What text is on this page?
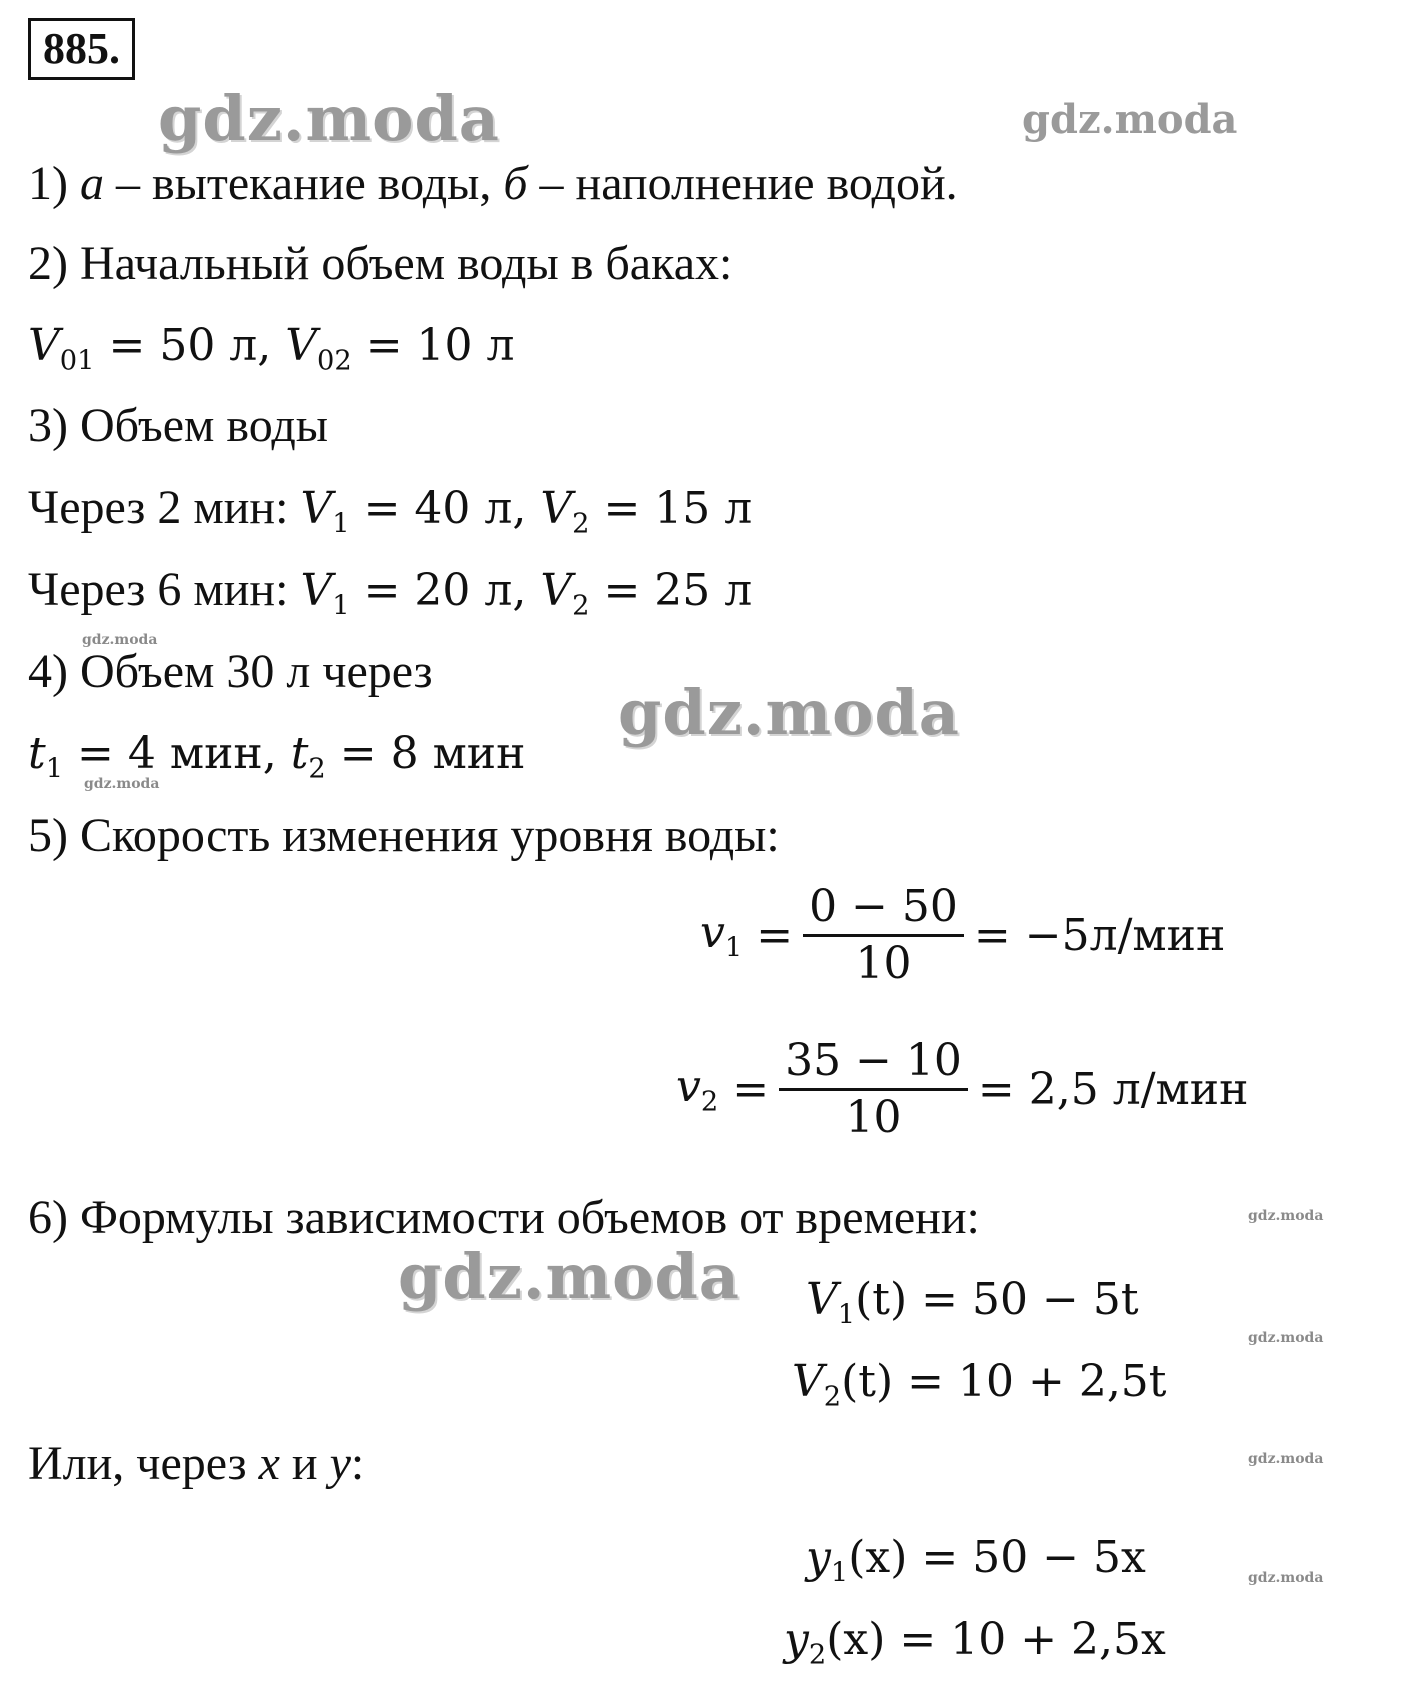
885.
gdz.moda	gdz.moda
gdz.moda
gdz.moda
gdz.moda
gdz.moda
gdz.moda
gdz.moda
gdz.moda
gdz.moda
1) a – вытекание воды, б – наполнение водой.
2) Начальный объем воды в баках:
$V_{01} = 50$ л, $V_{02} = 10$ л
3) Объем воды
Через 2 мин: $V_1 = 40$ л, $V_2 = 15$ л
Через 6 мин: $V_1 = 20$ л, $V_2 = 25$ л
4) Объем 30 л через
$t_1 = 4$ мин, $t_2 = 8$ мин
5) Скорость изменения уровня воды:
$v_1 = \frac{0 - 50}{10} = -5л/мин$
$v_2 = \frac{35 - 10}{10} = 2,5$ л/мин
6) Формулы зависимости объемов от времени:
$V_1(t) = 50 - 5t$
$V_2(t) = 10 + 2,5t$
Или, через x и y:
$y_1(x) = 50 - 5x$
$y_2(x) = 10 + 2,5x$
